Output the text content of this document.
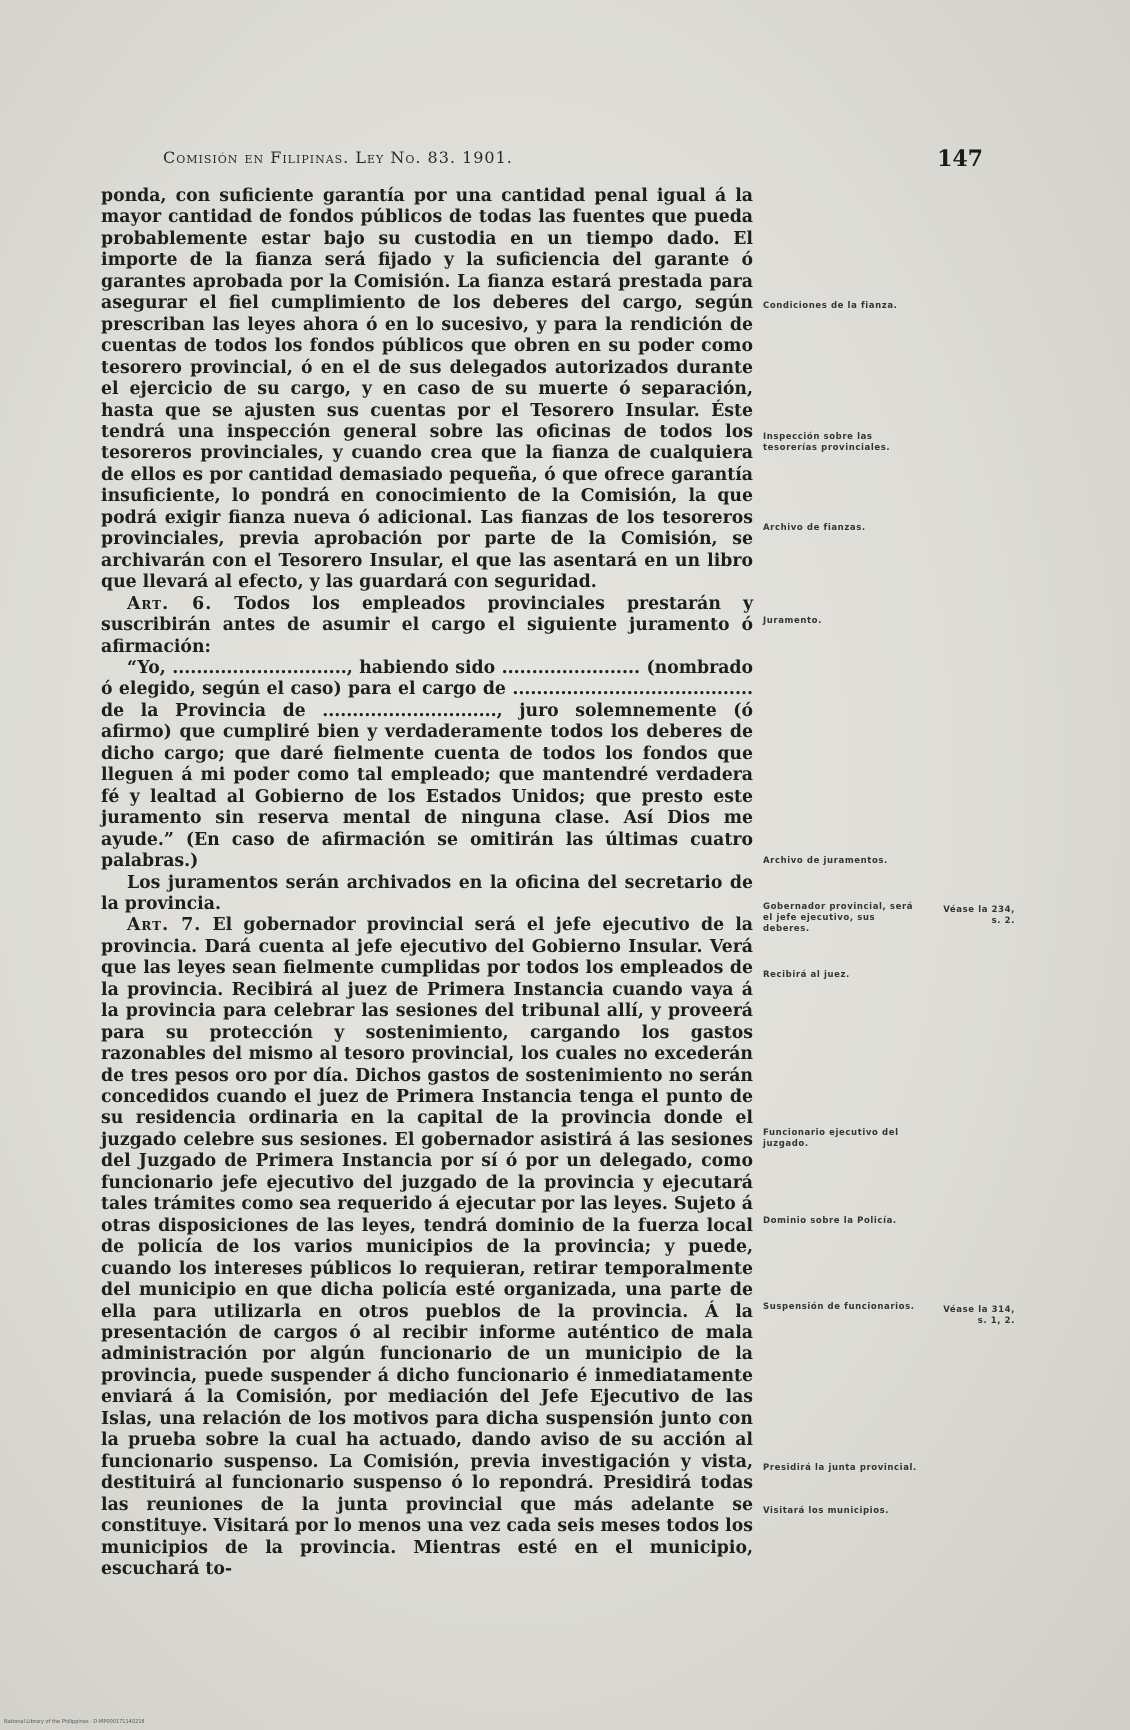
Comisión en Filipinas. Ley No. 83. 1901.	147

ponda, con suficiente garantía por una cantidad penal igual á la mayor cantidad de fondos públicos de todas las fuentes que pueda probablemente estar bajo su custodia en un tiempo dado. El importe de la fianza será fijado y la suficiencia del garante ó garantes aprobada por la Comisión. La fianza estará prestada para asegurar el fiel cumplimiento de los deberes del cargo, según prescriban las leyes ahora ó en lo sucesivo, y para la rendición de cuentas de todos los fondos públicos que obren en su poder como tesorero provincial, ó en el de sus delegados autorizados durante el ejercicio de su cargo, y en caso de su muerte ó separación, hasta que se ajusten sus cuentas por el Tesorero Insular. Éste tendrá una inspección general sobre las oficinas de todos los tesoreros provinciales, y cuando crea que la fianza de cualquiera de ellos es por cantidad demasiado pequeña, ó que ofrece garantía insuficiente, lo pondrá en conocimiento de la Comisión, la que podrá exigir fianza nueva ó adicional. Las fianzas de los tesoreros provinciales, previa aprobación por parte de la Comisión, se archivarán con el Tesorero Insular, el que las asentará en un libro que llevará al efecto, y las guardará con seguridad.

Art. 6. Todos los empleados provinciales prestarán y suscribirán antes de asumir el cargo el siguiente juramento ó afirmación:

“Yo, ............................., habiendo sido ....................... (nombrado ó elegido, según el caso) para el cargo de ........................................ de la Provincia de ............................., juro solemnemente (ó afirmo) que cumpliré bien y verdaderamente todos los deberes de dicho cargo; que daré fielmente cuenta de todos los fondos que lleguen á mi poder como tal empleado; que mantendré verdadera fé y lealtad al Gobierno de los Estados Unidos; que presto este juramento sin reserva mental de ninguna clase. Así Dios me ayude.” (En caso de afirmación se omitirán las últimas cuatro palabras.)

Los juramentos serán archivados en la oficina del secretario de la provincia.

Art. 7. El gobernador provincial será el jefe ejecutivo de la provincia. Dará cuenta al jefe ejecutivo del Gobierno Insular. Verá que las leyes sean fielmente cumplidas por todos los empleados de la provincia. Recibirá al juez de Primera Instancia cuando vaya á la provincia para celebrar las sesiones del tribunal allí, y proveerá para su protección y sostenimiento, cargando los gastos razonables del mismo al tesoro provincial, los cuales no excederán de tres pesos oro por día. Dichos gastos de sostenimiento no serán concedidos cuando el juez de Primera Instancia tenga el punto de su residencia ordinaria en la capital de la provincia donde el juzgado celebre sus sesiones. El gobernador asistirá á las sesiones del Juzgado de Primera Instancia por sí ó por un delegado, como funcionario jefe ejecutivo del juzgado de la provincia y ejecutará tales trámites como sea requerido á ejecutar por las leyes. Sujeto á otras disposiciones de las leyes, tendrá dominio de la fuerza local de policía de los varios municipios de la provincia; y puede, cuando los intereses públicos lo requieran, retirar temporalmente del municipio en que dicha policía esté organizada, una parte de ella para utilizarla en otros pueblos de la provincia. Á la presentación de cargos ó al recibir informe auténtico de mala administración por algún funcionario de un municipio de la provincia, puede suspender á dicho funcionario é inmediatamente enviará á la Comisión, por mediación del Jefe Ejecutivo de las Islas, una relación de los motivos para dicha suspensión junto con la prueba sobre la cual ha actuado, dando aviso de su acción al funcionario suspenso. La Comisión, previa investigación y vista, destituirá al funcionario suspenso ó lo repondrá. Presidirá todas las reuniones de la junta provincial que más adelante se constituye. Visitará por lo menos una vez cada seis meses todos los municipios de la provincia. Mientras esté en el municipio, escuchará to-

Condiciones de la fianza.
Inspección sobre las tesorerías provinciales.
Archivo de fianzas.
Juramento.
Archivo de juramentos.
Gobernador provincial, será el jefe ejecutivo, sus deberes.
Recibirá al juez.
Funcionario ejecutivo del juzgado.
Dominio sobre la Policía.
Suspensión de funcionarios.
Presidirá la junta provincial.
Visitará los municipios.
Véase la 234, s. 2.
Véase la 314, s. 1, 2.
National Library of the Philippines · D-MP000171140218
